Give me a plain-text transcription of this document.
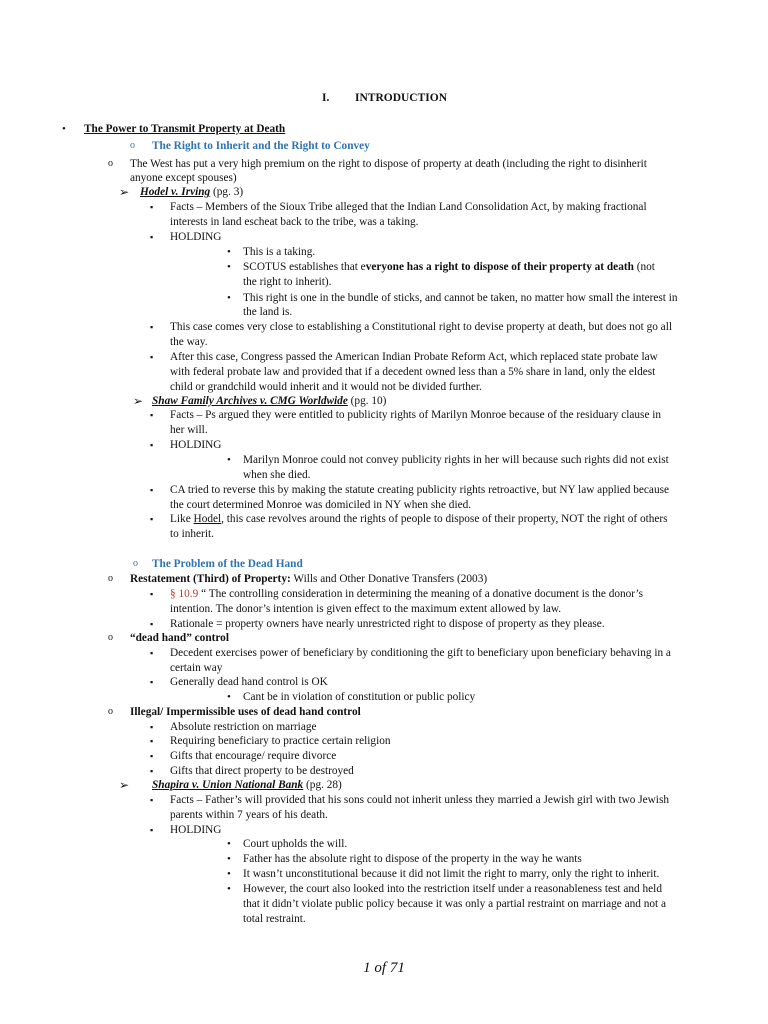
I. INTRODUCTION
•
o
o
➢
▪
▪
•
•
•
▪
▪
➢
▪
▪
•
▪
▪
o
o
▪
▪
o
▪
▪
•
o
▪
▪
▪
▪
➢
▪
▪
•
•
•
•
The Power to Transmit Property at Death
The Right to Inherit and the Right to Convey
The West has put a very high premium on the right to dispose of property at death (including the right to disinherit
anyone except spouses)
Hodel v. Irving (pg. 3)
Facts – Members of the Sioux Tribe alleged that the Indian Land Consolidation Act, by making fractional
interests in land escheat back to the tribe, was a taking.
HOLDING
This is a taking.
SCOTUS establishes that everyone has a right to dispose of their property at death (not
the right to inherit).
This right is one in the bundle of sticks, and cannot be taken, no matter how small the interest in
the land is.
This case comes very close to establishing a Constitutional right to devise property at death, but does not go all
the way.
After this case, Congress passed the American Indian Probate Reform Act, which replaced state probate law
with federal probate law and provided that if a decedent owned less than a 5% share in land, only the eldest
child or grandchild would inherit and it would not be divided further.
Shaw Family Archives v. CMG Worldwide (pg. 10)
Facts – Ps argued they were entitled to publicity rights of Marilyn Monroe because of the residuary clause in
her will.
HOLDING
Marilyn Monroe could not convey publicity rights in her will because such rights did not exist
when she died.
CA tried to reverse this by making the statute creating publicity rights retroactive, but NY law applied because
the court determined Monroe was domiciled in NY when she died.
Like Hodel, this case revolves around the rights of people to dispose of their property, NOT the right of others
to inherit.
The Problem of the Dead Hand
Restatement (Third) of Property: Wills and Other Donative Transfers (2003)
§ 10.9 “ The controlling consideration in determining the meaning of a donative document is the donor’s
intention. The donor’s intention is given effect to the maximum extent allowed by law.
Rationale = property owners have nearly unrestricted right to dispose of property as they please.
“dead hand” control
Decedent exercises power of beneficiary by conditioning the gift to beneficiary upon beneficiary behaving in a
certain way
Generally dead hand control is OK
Cant be in violation of constitution or public policy
Illegal/ Impermissible uses of dead hand control
Absolute restriction on marriage
Requiring beneficiary to practice certain religion
Gifts that encourage/ require divorce
Gifts that direct property to be destroyed
Shapira v. Union National Bank (pg. 28)
Facts – Father’s will provided that his sons could not inherit unless they married a Jewish girl with two Jewish
parents within 7 years of his death.
HOLDING
Court upholds the will.
Father has the absolute right to dispose of the property in the way he wants
It wasn’t unconstitutional because it did not limit the right to marry, only the right to inherit.
However, the court also looked into the restriction itself under a reasonableness test and held
that it didn’t violate public policy because it was only a partial restraint on marriage and not a
total restraint.
1 of 71
